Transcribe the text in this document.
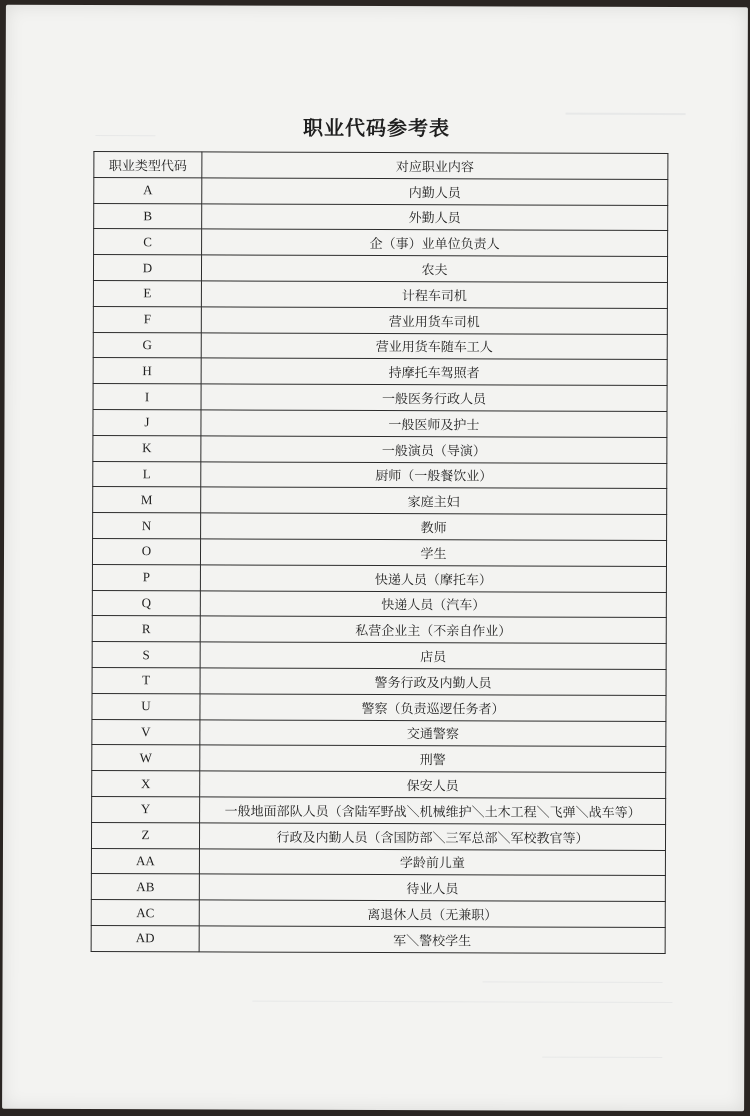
职业代码参考表
职业类型代码	对应职业内容
A	内勤人员
B	外勤人员
C	企（事）业单位负责人
D	农夫
E	计程车司机
F	营业用货车司机
G	营业用货车随车工人
H	持摩托车驾照者
I	一般医务行政人员
J	一般医师及护士
K	一般演员（导演）
L	厨师（一般餐饮业）
M	家庭主妇
N	教师
O	学生
P	快递人员（摩托车）
Q	快递人员（汽车）
R	私营企业主（不亲自作业）
S	店员
T	警务行政及内勤人员
U	警察（负责巡逻任务者）
V	交通警察
W	刑警
X	保安人员
Y	一般地面部队人员（含陆军野战＼机械维护＼土木工程＼飞弹＼战车等）
Z	行政及内勤人员（含国防部＼三军总部＼军校教官等）
AA	学龄前儿童
AB	待业人员
AC	离退休人员（无兼职）
AD	军＼警校学生
